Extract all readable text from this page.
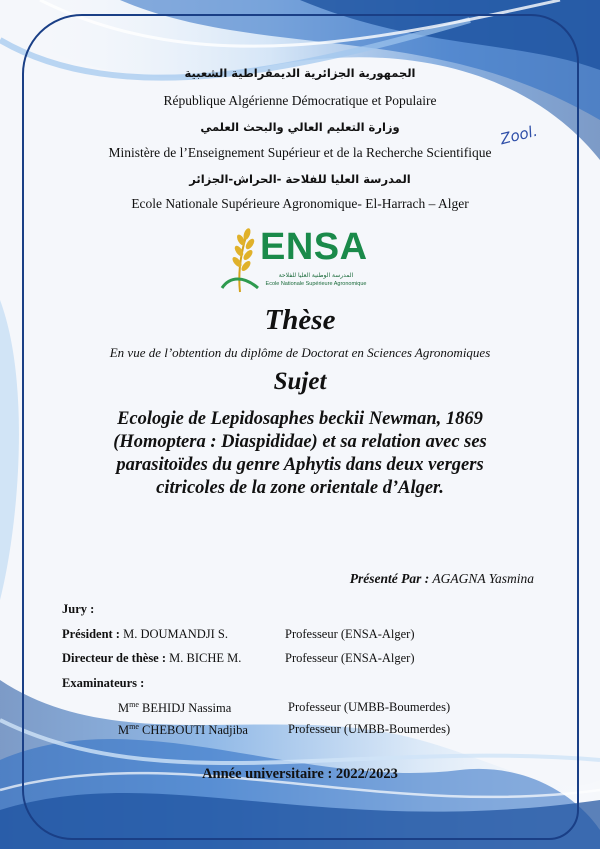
الجمهورية الجزائرية الديمقراطية الشعبية
République Algérienne Démocratique et Populaire
وزارة التعليم العالي والبحث العلمي
Ministère de l’Enseignement Supérieur et de la Recherche Scientifique
المدرسة العليا للفلاحة -الحراش-الجزائر
Ecole Nationale Supérieure Agronomique- El-Harrach – Alger
Zool.
ENSA
المدرسة الوطنية العليا للفلاحة
Ecole Nationale Supérieure Agronomique
Thèse
En vue de l’obtention du diplôme de Doctorat en Sciences Agronomiques
Sujet
Ecologie de Lepidosaphes beckii Newman, 1869
(Homoptera : Diaspididae) et sa relation avec ses
parasitoïdes du genre Aphytis dans deux vergers
citricoles de la zone orientale d’Alger.
Présenté Par : AGAGNA Yasmina
Jury :
Président : M. DOUMANDJI S.	Professeur (ENSA-Alger)
Directeur de thèse : M. BICHE M.	Professeur (ENSA-Alger)
Examinateurs :
$M^{me}$ BEHIDJ Nassima	Professeur (UMBB-Boumerdes)
$M^{me}$ CHEBOUTI Nadjiba	Professeur (UMBB-Boumerdes)
Année universitaire : 2022/2023
